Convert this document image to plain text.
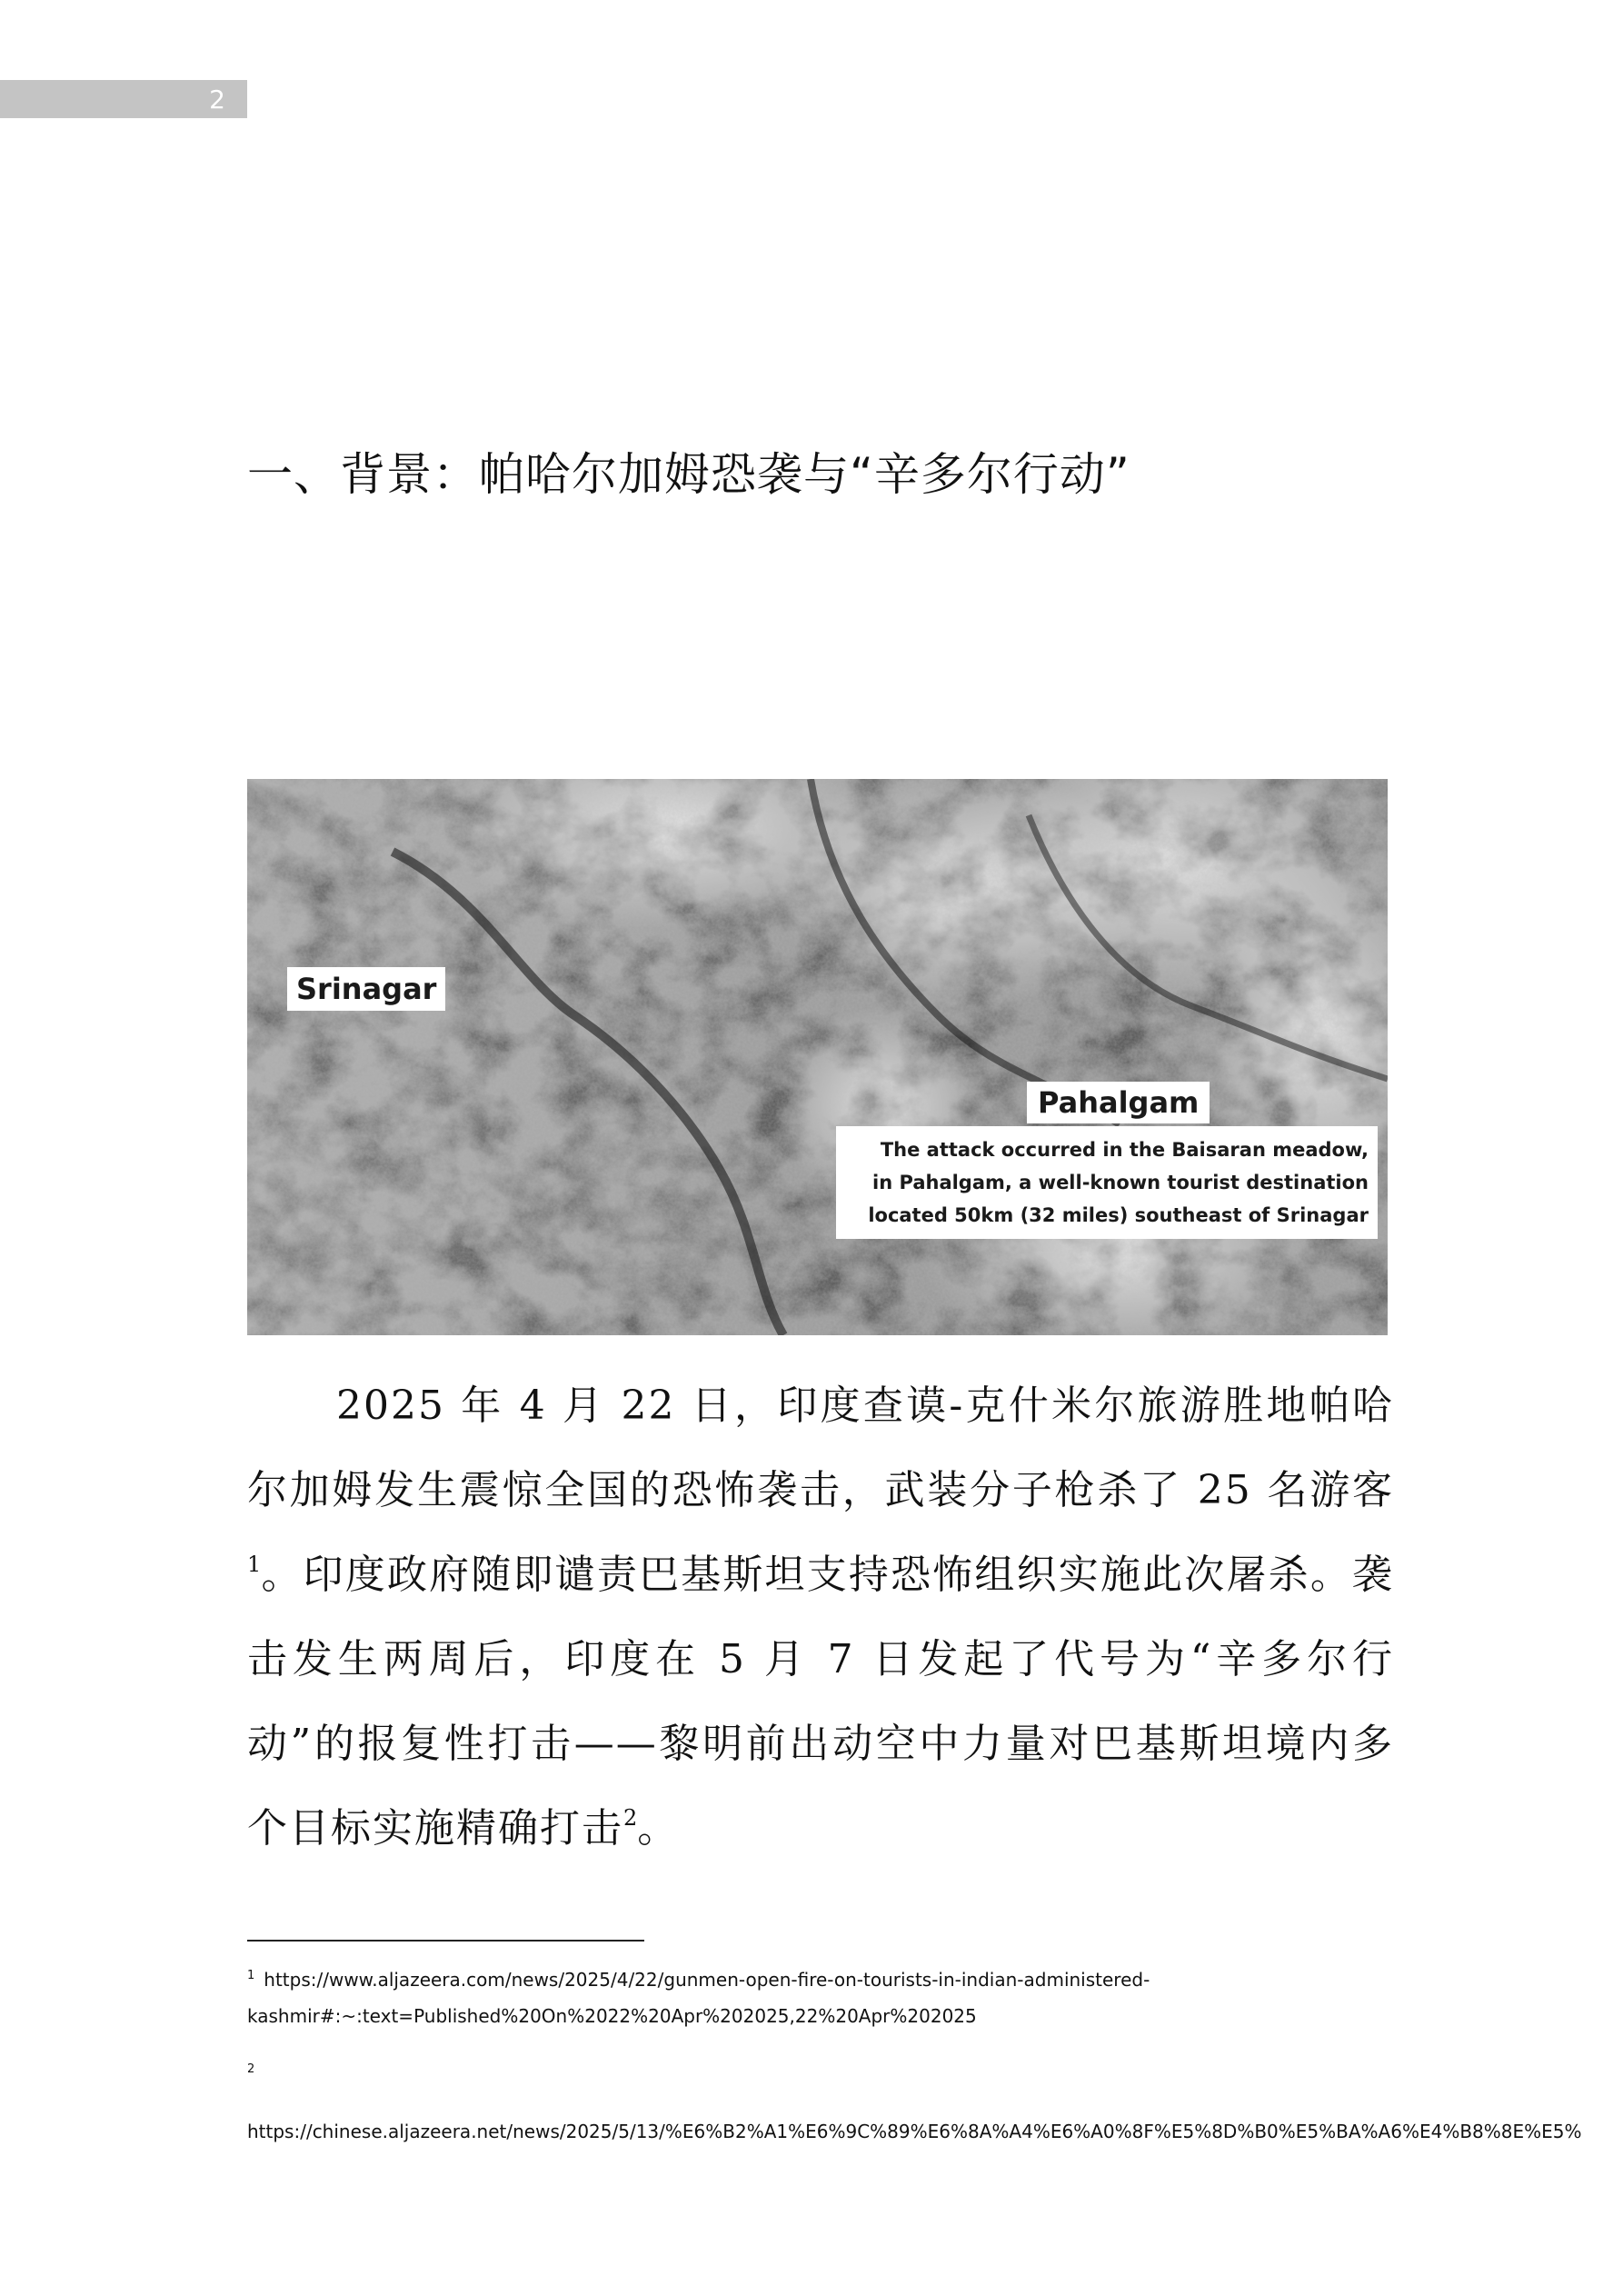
2
一、背景：帕哈尔加姆恐袭与“辛多尔行动”
Srinagar
Pahalgam
The attack occurred in the Baisaran meadow,
in Pahalgam, a well-known tourist destination
located 50km (32 miles) southeast of Srinagar

2025 年 4 月 22 日，印度查谟-克什米尔旅游胜地帕哈尔加姆发生震惊全国的恐怖袭击，武装分子枪杀了 25 名游客$^1$。印度政府随即谴责巴基斯坦支持恐怖组织实施此次屠杀。袭击发生两周后，印度在 5 月 7 日发起了代号为“辛多尔行动”的报复性打击——黎明前出动空中力量对巴基斯坦境内多个目标实施精确打击$^2$。

$^1$ https://www.aljazeera.com/news/2025/4/22/gunmen-open-fire-on-tourists-in-indian-administered-
kashmir#:~:text=Published%20On%2022%20Apr%202025,22%20Apr%202025

$^2$
https://chinese.aljazeera.net/news/2025/5/13/%E6%B2%A1%E6%9C%89%E6%8A%A4%E6%A0%8F%E5%8D%B0%E5%BA%A6%E4%B8%8E%E5%
